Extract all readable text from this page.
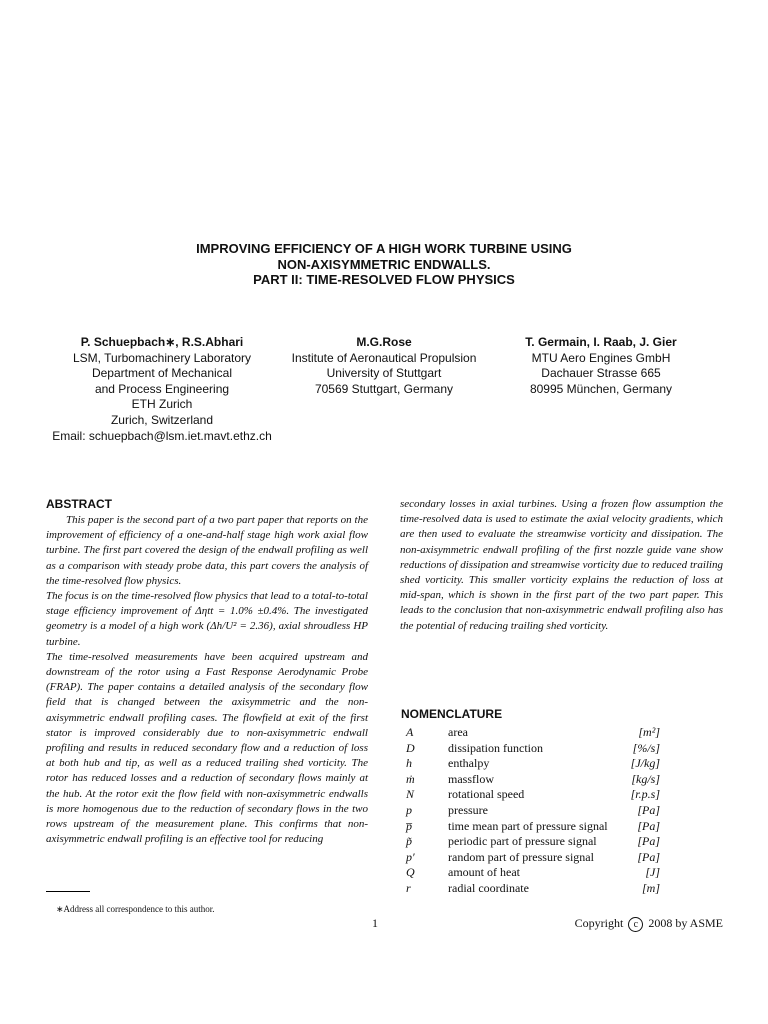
IMPROVING EFFICIENCY OF A HIGH WORK TURBINE USING
NON-AXISYMMETRIC ENDWALLS.
PART II: TIME-RESOLVED FLOW PHYSICS
P. Schuepbach∗, R.S.Abhari
LSM, Turbomachinery Laboratory
Department of Mechanical
and Process Engineering
ETH Zurich
Zurich, Switzerland
Email: schuepbach@lsm.iet.mavt.ethz.ch
M.G.Rose
Institute of Aeronautical Propulsion
University of Stuttgart
70569 Stuttgart, Germany
T. Germain, I. Raab, J. Gier
MTU Aero Engines GmbH
Dachauer Strasse 665
80995 München, Germany
ABSTRACT

This paper is the second part of a two part paper that reports on the improvement of efficiency of a one-and-half stage high work axial flow turbine. The first part covered the design of the endwall profiling as well as a comparison with steady probe data, this part covers the analysis of the time-resolved flow physics.

The focus is on the time-resolved flow physics that lead to a total-to-total stage efficiency improvement of Δηtt = 1.0% ±0.4%. The investigated geometry is a model of a high work (Δh/U² = 2.36), axial shroudless HP turbine.

The time-resolved measurements have been acquired upstream and downstream of the rotor using a Fast Response Aerodynamic Probe (FRAP). The paper contains a detailed analysis of the secondary flow field that is changed between the axisymmetric and the non-axisymmetric endwall profiling cases. The flowfield at exit of the first stator is improved considerably due to non-axisymmetric endwall profiling and results in reduced secondary flow and a reduction of loss at both hub and tip, as well as a reduced trailing shed vorticity. The rotor has reduced losses and a reduction of secondary flows mainly at the hub. At the rotor exit the flow field with non-axisymmetric endwalls is more homogenous due to the reduction of secondary flows in the two rows upstream of the measurement plane. This confirms that non-axisymmetric endwall profiling is an effective tool for reducing

secondary losses in axial turbines. Using a frozen flow assumption the time-resolved data is used to estimate the axial velocity gradients, which are then used to evaluate the streamwise vorticity and dissipation. The non-axisymmetric endwall profiling of the first nozzle guide vane show reductions of dissipation and streamwise vorticity due to reduced trailing shed vorticity. This smaller vorticity explains the reduction of loss at mid-span, which is shown in the first part of the two part paper. This leads to the conclusion that non-axisymmetric endwall profiling also has the potential of reducing trailing shed vorticity.

NOMENCLATURE
A	area	[m²]
D	dissipation function	[%/s]
h	enthalpy	[J/kg]
ṁ	massflow	[kg/s]
N	rotational speed	[r.p.s]
p	pressure	[Pa]
p̅	time mean part of pressure signal [Pa]
p̃	periodic part of pressure signal	[Pa]
p′	random part of pressure signal	[Pa]
Q	amount of heat	[J]
r	radial coordinate	[m]
∗Address all correspondence to this author.
1	Copyright c 2008 by ASME
